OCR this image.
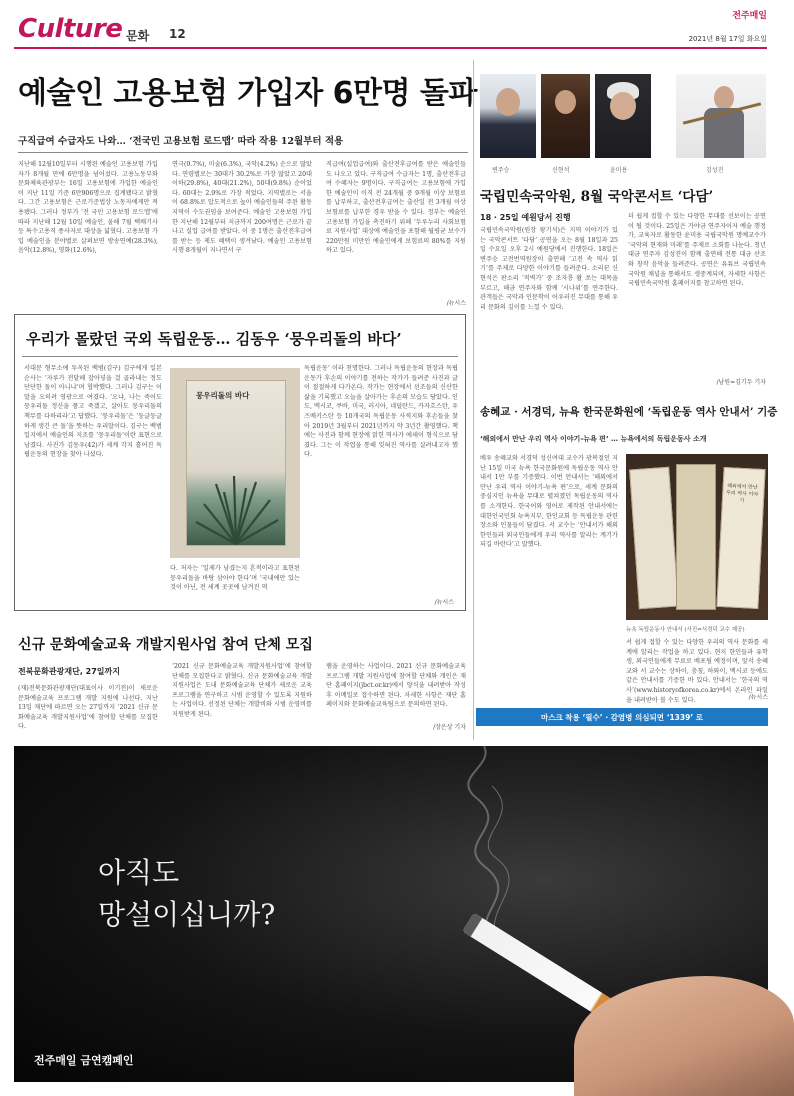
Culture 문화 12
전주매일
2021년 8월 17일 화요일
예술인 고용보험 가입자 6만명 돌파
구직급여 수급자도 나와… ‘전국민 고용보험 로드맵’ 따라 작용 12월부터 적용
지난해 12월10일부터 시행된 예술인 고용보험 가입자가 8개월 만에 6만명을 넘어섰다. 고용노동부와 문화체육관광부는 16일 고용보험에 가입한 예술인이 지난 11일 기준 6만906명으로 집계됐다고 밝혔다. 그간 고용보험은 근로기준법상 노동자에게만 적용됐다. 그러나 정부가 ‘전 국민 고용보험 로드맵’에 따라 지난해 12월 10일 예술인, 올해 7월 택배기사 등 특수고용직 종사자로 대상을 넓혔다. 고용보험 가입 예술인을 분야별로 살펴보면 방송연예(28.3%), 음악(12.8%), 영화(12.6%),
연극(9.7%), 미술(6.3%), 국악(4.2%) 순으로 많았다. 연령별로는 30대가 30.2%로 가장 많았고 20대 이하(29.8%), 40대(21.2%), 50대(9.8%) 순이었다. 60대는 2.9%로 가장 적었다. 지역별로는 서울이 68.8%로 압도적으로 높아 예술인들의 주된 활동 지역이 수도권임을 보여준다. 예술인 고용보험 가입한 지난해 12월부터 지금까지 200여명은 근로가 끝나고 실업 급여를 받았다. 이 중 1명은 출산전후급여를 받는 등 제도 혜택이 생겨났다. 예술인 고용보험 시행 8개월이 지나면서 구
직급여(실업급여)와 출산전후급여를 받은 예술인들도 나오고 있다. 구직급여 수급자는 1명, 출산전후급여 수혜자는 9명이다. 구직급여는 고용보험에 가입한 예술인이 이직 전 24개월 중 9개월 이상 보험료를 납부하고, 출산전후급여는 출산일 전 3개월 이상 보험료를 납부한 경우 받을 수 있다. 정부는 예술인 고용보험 가입을 촉진하기 위해 ‘두루누리 사회보험료 지원사업’ 대상에 예술인을 포함해 월평균 보수가 220만원 미만인 예술인에게 보험료의 80%를 지원하고 있다.
/뉴시스
우리가 몰랐던 국외 독립운동… 김동우 ‘뭉우리돌의 바다’
서대문 형무소에 투옥된 백범(김구) 김구에게 일본 순사는 ‘자루가 전달해 잡아넣을 걸 골라내는 정도 단단한 돌이 아니냐’며 협박했다. 그러나 김구는 이 말을 오히려 영광으로 여겼다. ‘오냐, 나는 죽어도 뭉우리돌 정신을 품고 죽겠고, 살아도 뭉우리돌의 책무를 다하리라’고 답했다. ‘뭉우리돌’은 ‘둥글둥글하게 생긴 큰 돌’을 뜻하는 우리말이다. 김구는 백범일지에서 예술인의 지조를 ‘뭉우리돌’이란 표현으로 남겼다. 사진가 김동우(42)가 세계 각지 흩어진 독립운동의 현장을 찾아 나섰다.
뭉우리돌의 바다
다. 저자는 ‘일제가 남겼는지 흔적이라고 표현된 뭉우리돌을 바탕 삼아야 한다’며 ‘국내에만 있는 것이 아닌, 전 세계 곳곳에 남겨진 역
독립운동’ 이라 천명한다. 그러나 독립운동의 현장과 독립운동가 후손의 이야기를 전하는 작가가 들려준 사진과 글이 절절하게 다가온다. 작가는 현장에서 선조들의 신산한 삶을 기록했고 오늘을 살아가는 후손의 모습도 담았다. 인도, 멕시코, 쿠바, 미국, 러시아, 네덜란드, 카자흐스탄, 우즈베키스탄 등 10개국의 독립운동 사적지와 후손들을 찾아 2019년 3월부터 2021년까지 약 3년간 촬영했다. 책에는 사진과 함께 현장에 얽힌 역사가 에세이 형식으로 담겼다. 그는 이 작업을 통해 잊혀진 역사를 살려내고자 했다.
/뉴시스
신규 문화예술교육 개발지원사업 참여 단체 모집
전북문화관광재단, 27일까지
(재)전북문화관광재단(대표이사 이기전)이 새로운 문화예술교육 프로그램 개발 지원에 나선다. 지난 13일 재단에 따르면 오는 27일까지 ‘2021 신규 문화예술교육 개발지원사업’에 참여할 단체를 모집한다.
‘2021 신규 문화예술교육 개발지원사업’에 참여할 단체를 모집한다고 밝혔다. 신규 문화예술교육 개발지원사업은 도내 문화예술교육 단체가 새로운 교육 프로그램을 연구하고 시범 운영할 수 있도록 지원하는 사업이다. 선정된 단체는 개발비와 시범 운영비를 지원받게 된다.
램을 운영하는 사업이다. 2021 신규 문화예술교육 프로그램 개발 지원사업에 참여할 단체와 개인은 재단 홈페이지(jbct.or.kr)에서 양식을 내려받아 작성 후 이메일로 접수하면 된다. 자세한 사항은 재단 홈페이지와 문화예술교육팀으로 문의하면 된다.
/장은상 기자
변주승	신현석	윤미용	김성진
국립민속국악원, 8월 국악콘서트 ‘다담’
18 · 25일 예원당서 진행
국립민속국악원(원장 왕기석)은 지역 이야기가 있는 국악콘서트 ‘다담’ 공연을 오는 8월 18일과 25일 수요일 오후 2시 예원당에서 진행한다. 18일은 변주승 고전번역원장이 출연해 ‘고전 속 역사 읽기’를 주제로 다양한 이야기를 들려준다. 소리꾼 신현석은 판소리 ‘적벽가’ 중 조자룡 활 쏘는 대목을 부르고, 해금 연주자와 함께 ‘시나위’를 연주한다. 관객들은 국악과 인문학이 어우러진 무대를 통해 우리 문화의 깊이를 느낄 수 있다.
더 쉽게 접할 수 있는 다양한 무대를 선보이는 공연이 될 것이다. 25일은 가야금 연주자이자 예술 행정가, 교육자로 활동한 윤미용 국립국악원 명예교수가 ‘국악의 현재와 미래’를 주제로 소회를 나눈다. 청년 대금 연주자 김성진이 함께 출연해 전통 대금 산조와 창작 음악을 들려준다. 공연은 유튜브 국립민속국악원 채널을 통해서도 생중계되며, 자세한 사항은 국립민속국악원 홈페이지를 참고하면 된다.
/남원=김기두 기자
송혜교 · 서경덕, 뉴욕 한국문화원에 ‘독립운동 역사 안내서’ 기증
‘해외에서 만난 우리 역사 이야기-뉴욕 편’ … 뉴욕에서의 독립운동사 소개
배우 송혜교와 서경덕 성신여대 교수가 광복절인 지난 15일 미국 뉴욕 한국문화원에 독립운동 역사 안내서 1만 부를 기증했다. 이번 안내서는 ‘해외에서 만난 우리 역사 이야기-뉴욕 편’으로, 세계 문화의 중심지인 뉴욕을 무대로 펼쳐졌던 독립운동의 역사를 소개한다. 한국어와 영어로 제작된 안내서에는 대한인국민회 뉴욕지부, 한인교회 등 독립운동 관련 장소와 인물들이 담겼다. 서 교수는 ‘안내서가 해외 한인들과 외국인들에게 우리 역사를 알리는 계기가 되길 바란다’고 말했다.
해외에서 만난 우리 역사 이야기
뉴욕 독립운동사 안내서 (사진=서경덕 교수 제공)
서 쉽게 접할 수 있는 다양한 우리의 역사 문화를 세계에 알리는 작업을 하고 있다. 현지 한인들과 유학생, 외국인들에게 무료로 배포될 예정이며, 앞서 송혜교와 서 교수는 상하이, 충칭, 하와이, 멕시코 등에도 같은 안내서를 기증한 바 있다. 안내서는 ‘한국의 역사’(www.historyofkorea.co.kr)에서 온라인 파일을 내려받아 볼 수도 있다.	/뉴시스
마스크 착용 ‘필수’ · 감염병 의심되면 ‘1339’ 로
아직도
망설이십니까?
전주매일 금연캠페인
